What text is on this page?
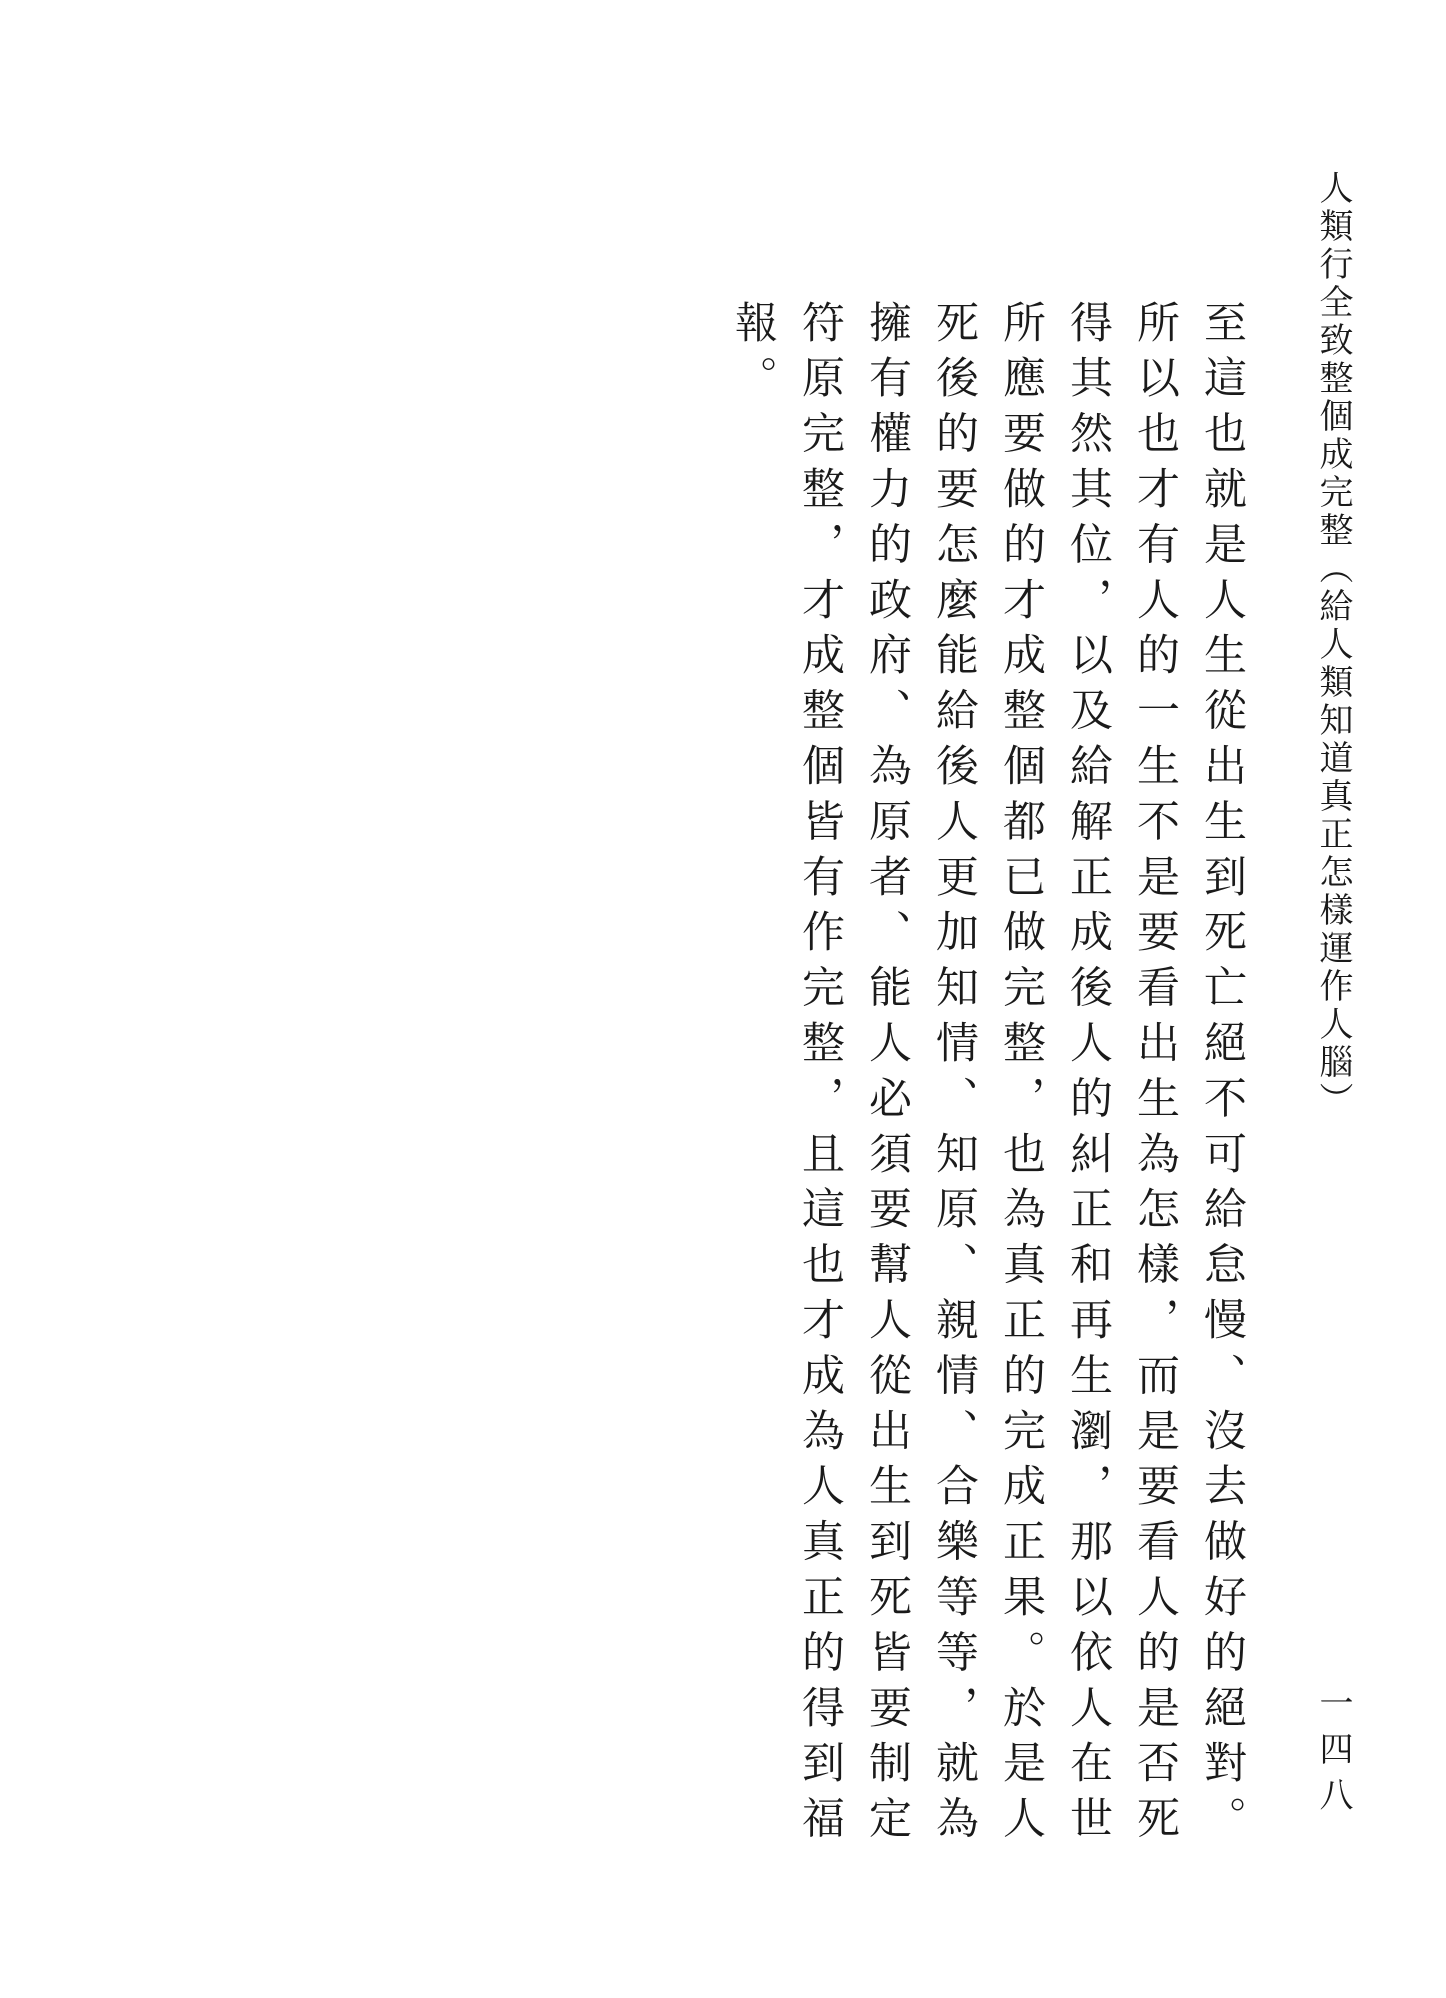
人類行全致整個成完整（給人類知道真正怎樣運作人腦）

至這也就是人生從出生到死亡絕不可給怠慢、沒去做好的絕對。所以也才有人的一生不是要看出生為怎樣，而是要看人的是否死得其然其位，以及給解正成後人的糾正和再生瀏，那以依人在世所應要做的才成整個都已做完整，也為真正的完成正果。於是人死後的要怎麼能給後人更加知情、知原、親情、合樂等等，就為擁有權力的政府、為原者、能人必須要幫人從出生到死皆要制定符原完整，才成整個皆有作完整，且這也才成為人真正的得到福報。

一四八
